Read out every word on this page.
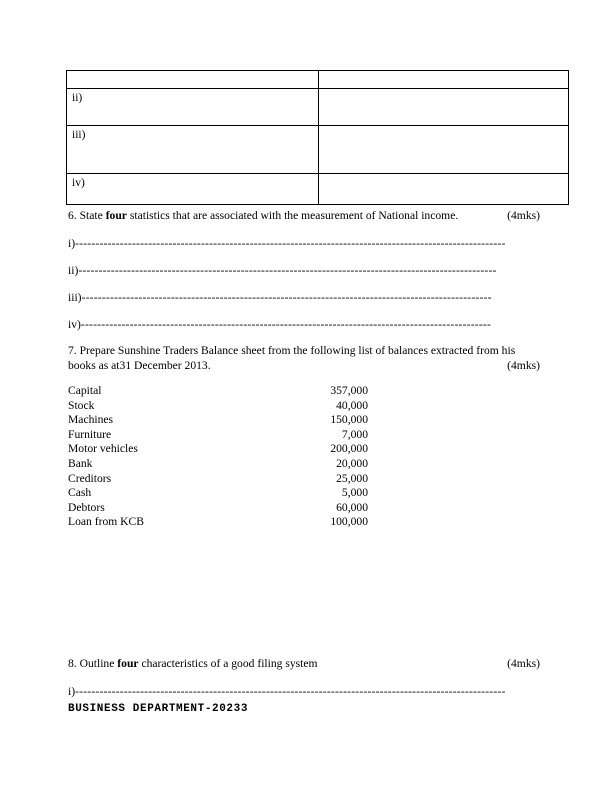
ii)	
iii)	
iv)	
6. State four statistics that are associated with the measurement of National income.	(4mks)
i) ----------------------------------------------------------------------------------------------------------
ii) -------------------------------------------------------------------------------------------------------
iii) -----------------------------------------------------------------------------------------------------
iv) -----------------------------------------------------------------------------------------------------
7. Prepare Sunshine Traders Balance sheet from the following list of balances extracted from his
books as at31 December 2013.	(4mks)
Capital	357,000
Stock	40,000
Machines	150,000
Furniture	7,000
Motor vehicles	200,000
Bank	20,000
Creditors	25,000
Cash	5,000
Debtors	60,000
Loan from KCB	100,000
8. Outline four characteristics of a good filing system	(4mks)
i) ----------------------------------------------------------------------------------------------------------
BUSINESS DEPARTMENT-20233
